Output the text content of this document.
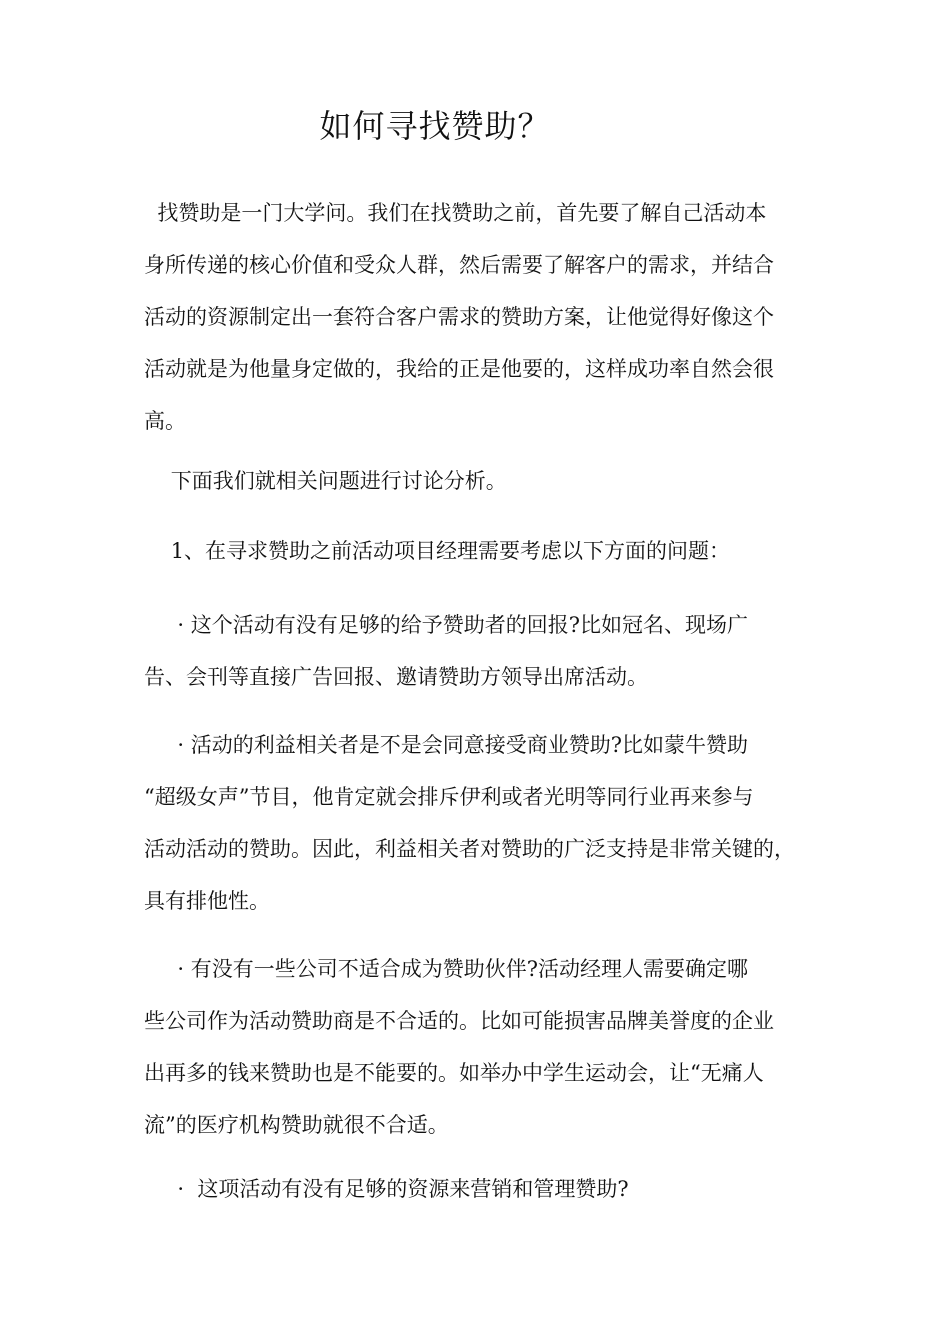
如何寻找赞助？
找赞助是一门大学问。我们在找赞助之前，首先要了解自己活动本
身所传递的核心价值和受众人群，然后需要了解客户的需求，并结合
活动的资源制定出一套符合客户需求的赞助方案，让他觉得好像这个
活动就是为他量身定做的，我给的正是他要的，这样成功率自然会很
高。
下面我们就相关问题进行讨论分析。
1、在寻求赞助之前活动项目经理需要考虑以下方面的问题：
· 这个活动有没有足够的给予赞助者的回报?比如冠名、现场广
告、会刊等直接广告回报、邀请赞助方领导出席活动。
· 活动的利益相关者是不是会同意接受商业赞助?比如蒙牛赞助
“超级女声”节目，他肯定就会排斥伊利或者光明等同行业再来参与
活动活动的赞助。因此，利益相关者对赞助的广泛支持是非常关键的，
具有排他性。
· 有没有一些公司不适合成为赞助伙伴?活动经理人需要确定哪
些公司作为活动赞助商是不合适的。比如可能损害品牌美誉度的企业
出再多的钱来赞助也是不能要的。如举办中学生运动会，让“无痛人
流”的医疗机构赞助就很不合适。
·  这项活动有没有足够的资源来营销和管理赞助?
